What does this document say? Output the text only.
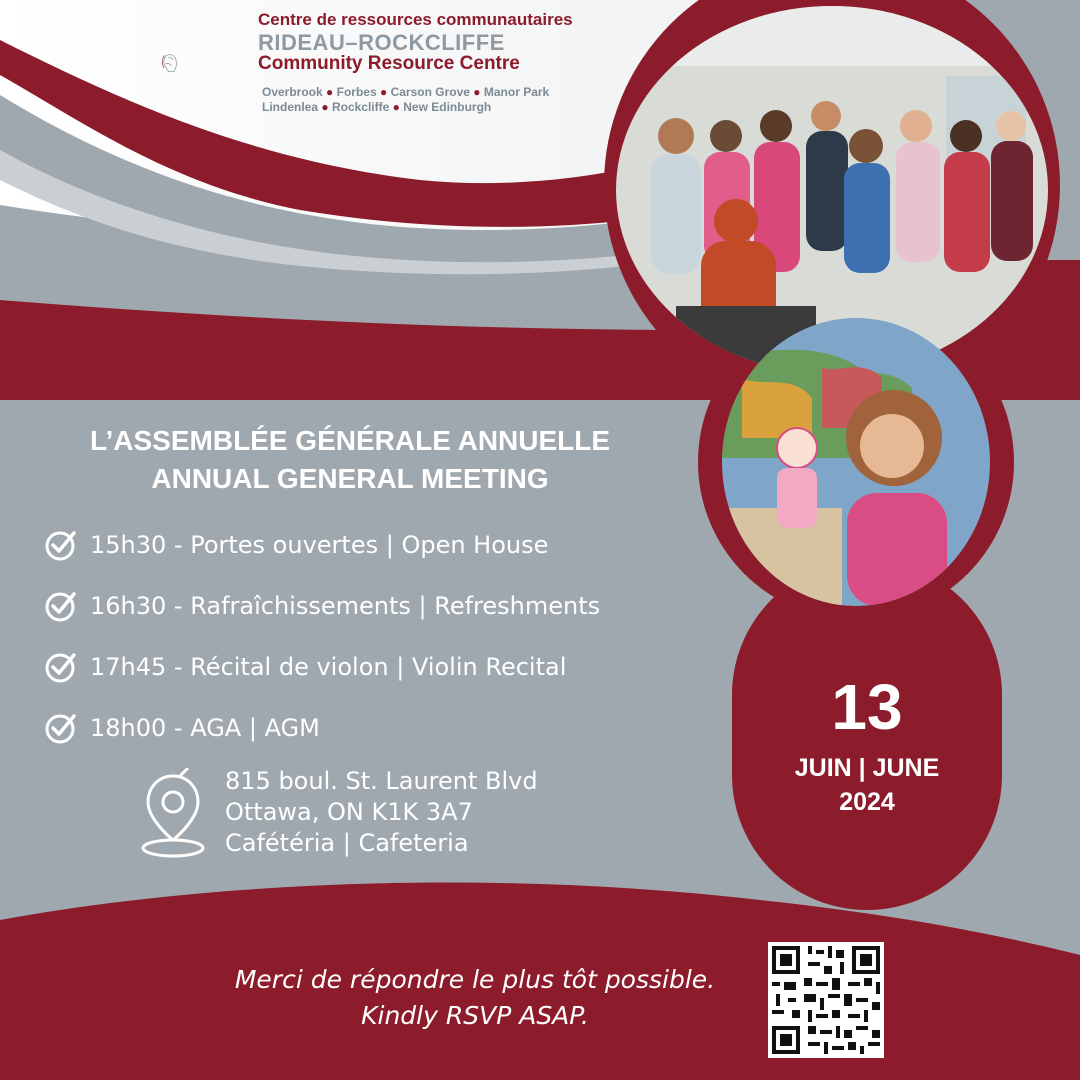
Centre de ressources communautaires
RIDEAU–ROCKCLIFFE
Community Resource Centre
Overbrook ● Forbes ● Carson Grove ● Manor Park
Lindenlea ● Rockcliffe ● New Edinburgh
L’ASSEMBLÉE GÉNÉRALE ANNUELLE
ANNUAL GENERAL MEETING
15h30 - Portes ouvertes | Open House
16h30 - Rafraîchissements | Refreshments
17h45 - Récital de violon | Violin Recital
18h00 - AGA | AGM
815 boul. St. Laurent Blvd
Ottawa, ON K1K 3A7
Cafétéria | Cafeteria
13
JUIN | JUNE
2024
Merci de répondre le plus tôt possible.
Kindly RSVP ASAP.
